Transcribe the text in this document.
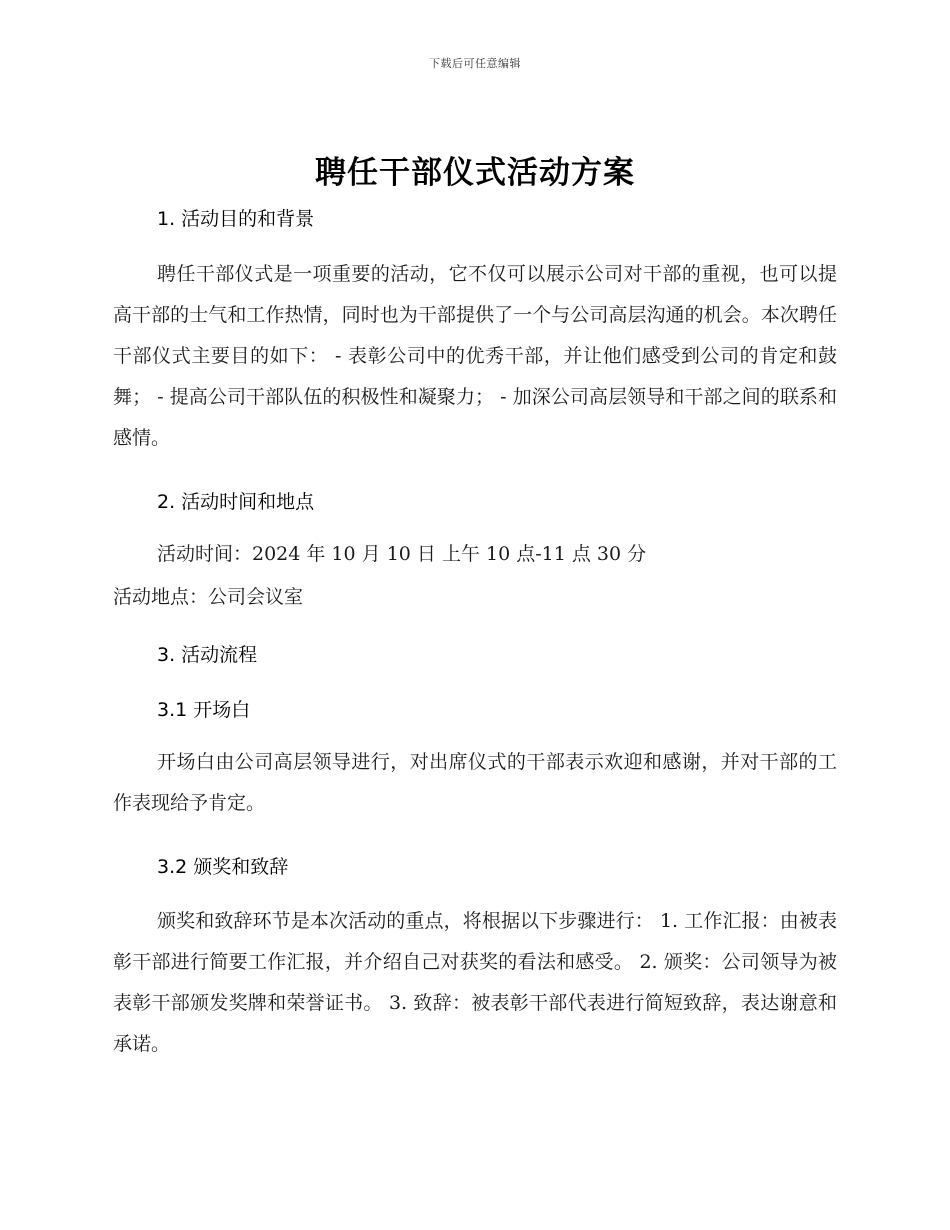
下载后可任意编辑
聘任干部仪式活动方案
1. 活动目的和背景

聘任干部仪式是一项重要的活动，它不仅可以展示公司对干部的重视，也可以提高干部的士气和工作热情，同时也为干部提供了一个与公司高层沟通的机会。本次聘任干部仪式主要目的如下： - 表彰公司中的优秀干部，并让他们感受到公司的肯定和鼓舞； - 提高公司干部队伍的积极性和凝聚力； - 加深公司高层领导和干部之间的联系和感情。

2. 活动时间和地点

活动时间：2024 年 10 月 10 日 上午 10 点-11 点 30 分

活动地点：公司会议室

3. 活动流程
3.1 开场白

开场白由公司高层领导进行，对出席仪式的干部表示欢迎和感谢，并对干部的工作表现给予肯定。

3.2 颁奖和致辞

颁奖和致辞环节是本次活动的重点，将根据以下步骤进行： 1. 工作汇报：由被表彰干部进行简要工作汇报，并介绍自己对获奖的看法和感受。 2. 颁奖：公司领导为被表彰干部颁发奖牌和荣誉证书。 3. 致辞：被表彰干部代表进行简短致辞，表达谢意和承诺。
